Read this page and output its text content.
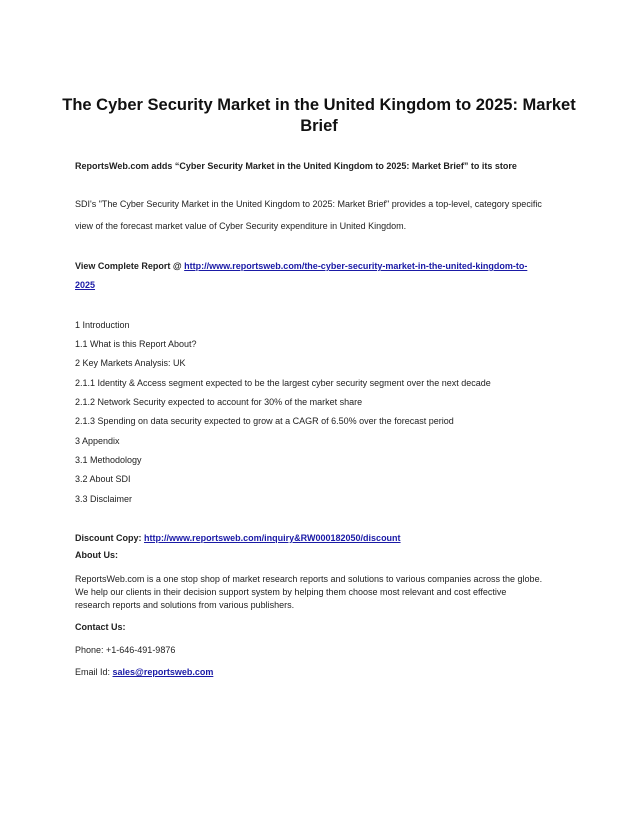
The Cyber Security Market in the United Kingdom to 2025: Market Brief
ReportsWeb.com adds “Cyber Security Market in the United Kingdom to 2025: Market Brief” to its store
SDI's "The Cyber Security Market in the United Kingdom to 2025: Market Brief" provides a top-level, category specific
view of the forecast market value of Cyber Security expenditure in United Kingdom.
View Complete Report @ http://www.reportsweb.com/the-cyber-security-market-in-the-united-kingdom-to-
2025
1 Introduction
1.1 What is this Report About?
2 Key Markets Analysis: UK
2.1.1 Identity & Access segment expected to be the largest cyber security segment over the next decade
2.1.2 Network Security expected to account for 30% of the market share
2.1.3 Spending on data security expected to grow at a CAGR of 6.50% over the forecast period
3 Appendix
3.1 Methodology
3.2 About SDI
3.3 Disclaimer
Discount Copy: http://www.reportsweb.com/inquiry&RW000182050/discount
About Us:
ReportsWeb.com is a one stop shop of market research reports and solutions to various companies across the globe.
We help our clients in their decision support system by helping them choose most relevant and cost effective
research reports and solutions from various publishers.
Contact Us:
Phone: +1-646-491-9876
Email Id: sales@reportsweb.com
